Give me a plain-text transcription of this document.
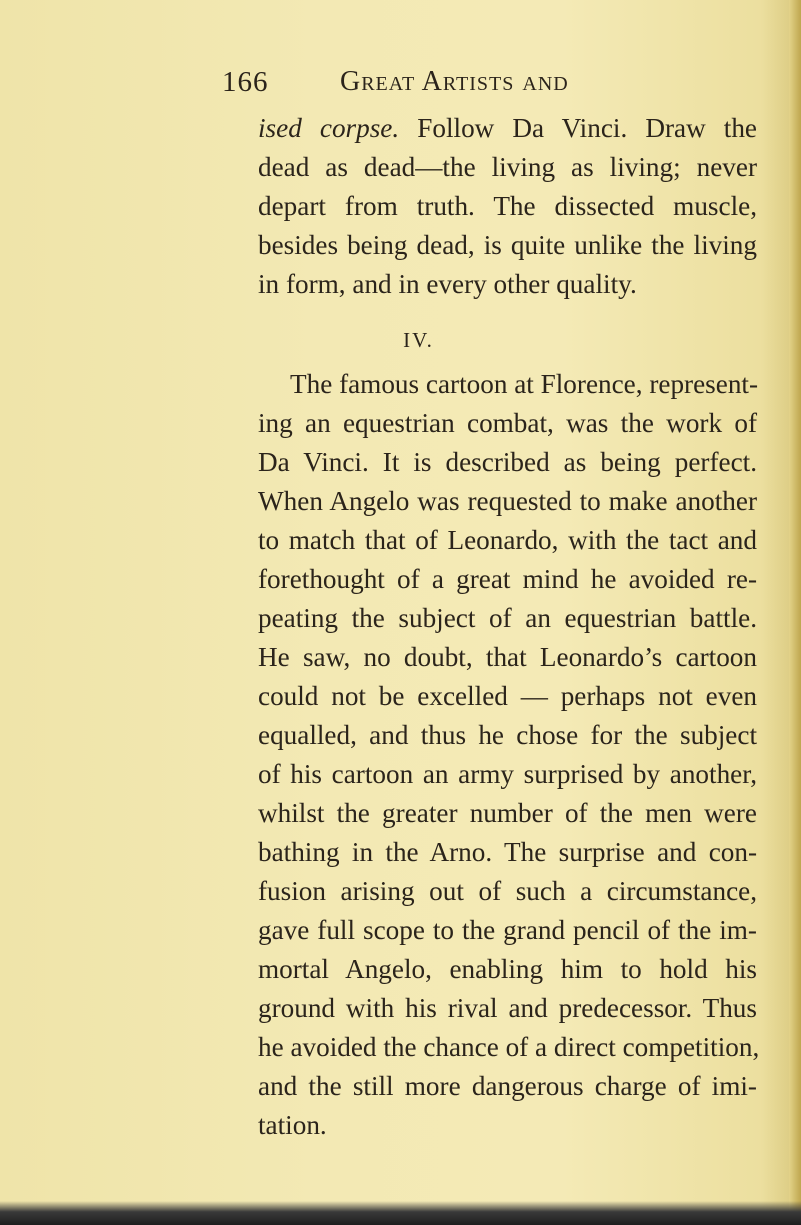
166	Great Artists and
ised corpse. Follow Da Vinci. Draw the
dead as dead—the living as living; never
depart from truth. The dissected muscle,
besides being dead, is quite unlike the living
in form, and in every other quality.
IV.
The famous cartoon at Florence, represent-
ing an equestrian combat, was the work of
Da Vinci. It is described as being perfect.
When Angelo was requested to make another
to match that of Leonardo, with the tact and
forethought of a great mind he avoided re-
peating the subject of an equestrian battle.
He saw, no doubt, that Leonardo’s cartoon
could not be excelled — perhaps not even
equalled, and thus he chose for the subject
of his cartoon an army surprised by another,
whilst the greater number of the men were
bathing in the Arno. The surprise and con-
fusion arising out of such a circumstance,
gave full scope to the grand pencil of the im-
mortal Angelo, enabling him to hold his
ground with his rival and predecessor. Thus
he avoided the chance of a direct competition,
and the still more dangerous charge of imi-
tation.
